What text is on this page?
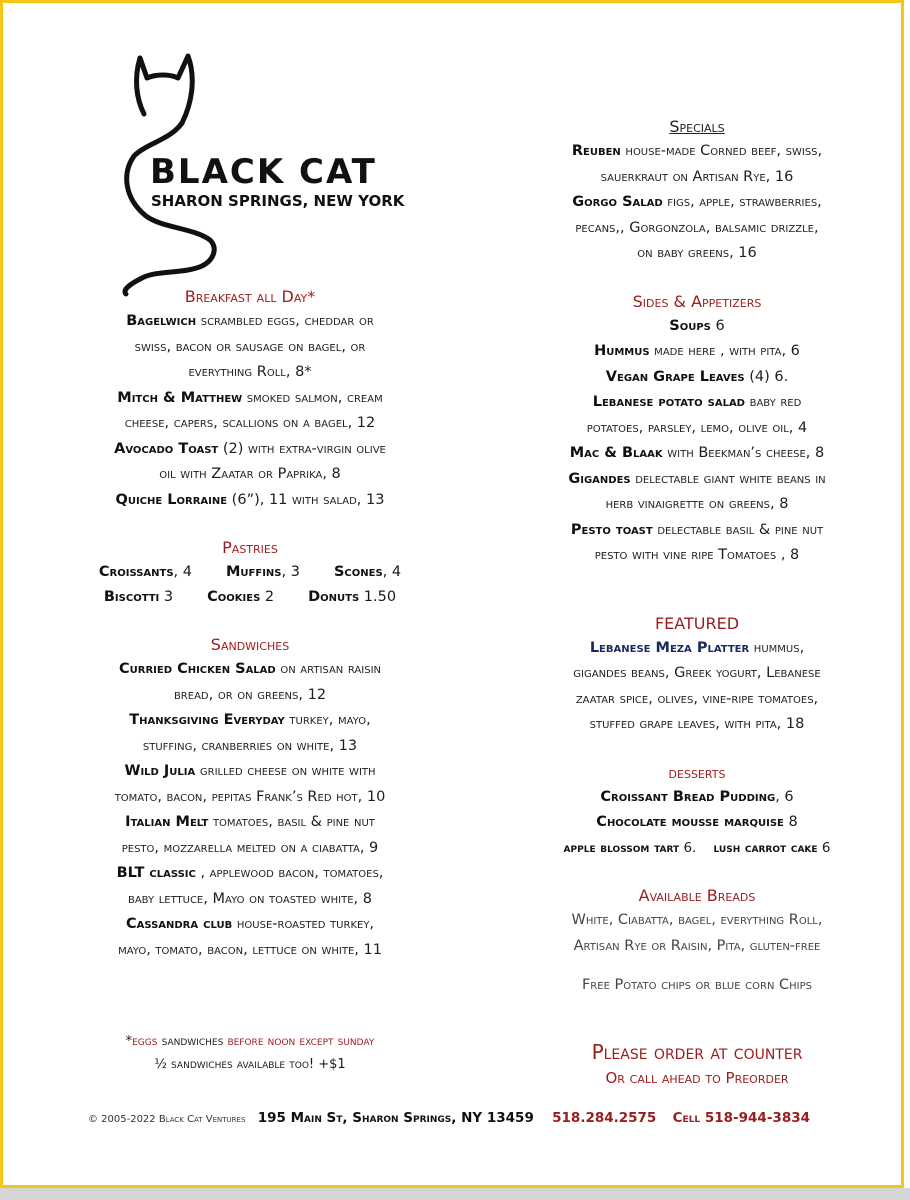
BLACK CAT
SHARON SPRINGS, NEW YORK
Breakfast all Day*
Bagelwich scrambled eggs, cheddar or
swiss, bacon or sausage on bagel, or
everything Roll, 8*
Mitch & Matthew smoked salmon, cream
cheese, capers, scallions on a bagel, 12
Avocado Toast (2) with extra-virgin olive
oil with Zaatar or Paprika, 8
Quiche Lorraine (6”), 11 with salad, 13
Pastries
Croissants, 4 Muffins, 3 Scones, 4
Biscotti 3 Cookies 2 Donuts 1.50
Sandwiches
Curried Chicken Salad on artisan raisin
bread, or on greens, 12
Thanksgiving Everyday turkey, mayo,
stuffing, cranberries on white, 13
Wild Julia grilled cheese on white with
tomato, bacon, pepitas Frank’s Red hot, 10
Italian Melt tomatoes, basil & pine nut
pesto, mozzarella melted on a ciabatta, 9
BLT classic , applewood bacon, tomatoes,
baby lettuce, Mayo on toasted white, 8
Cassandra club house-roasted turkey,
mayo, tomato, bacon, lettuce on white, 11
*eggs sandwiches before noon except sunday
½ sandwiches available too! +$1
Specials
Reuben house-made Corned beef, swiss,
sauerkraut on Artisan Rye, 16
Gorgo Salad figs, apple, strawberries,
pecans,, Gorgonzola, balsamic drizzle,
on baby greens, 16
Sides & Appetizers
Soups 6
Hummus made here , with pita, 6
Vegan Grape Leaves (4) 6.
Lebanese potato salad baby red
potatoes, parsley, lemo, olive oil, 4
Mac & Blaak with Beekman’s cheese, 8
Gigandes delectable giant white beans in
herb vinaigrette on greens, 8
Pesto toast delectable basil & pine nut
pesto with vine ripe Tomatoes , 8
FEATURED
Lebanese Meza Platter hummus,
gigandes beans, Greek yogurt, Lebanese
zaatar spice, olives, vine-ripe tomatoes,
stuffed grape leaves, with pita, 18
desserts
Croissant Bread Pudding, 6
Chocolate mousse marquise 8
apple blossom tart 6. lush carrot cake 6
Available Breads
White, Ciabatta, bagel, everything Roll,
Artisan Rye or Raisin, Pita, gluten-free
Free Potato chips or blue corn Chips
Please order at counter
Or call ahead to Preorder
© 2005-2022 Black Cat Ventures 195 Main St, Sharon Springs, NY 13459 518.284.2575 Cell 518-944-3834
